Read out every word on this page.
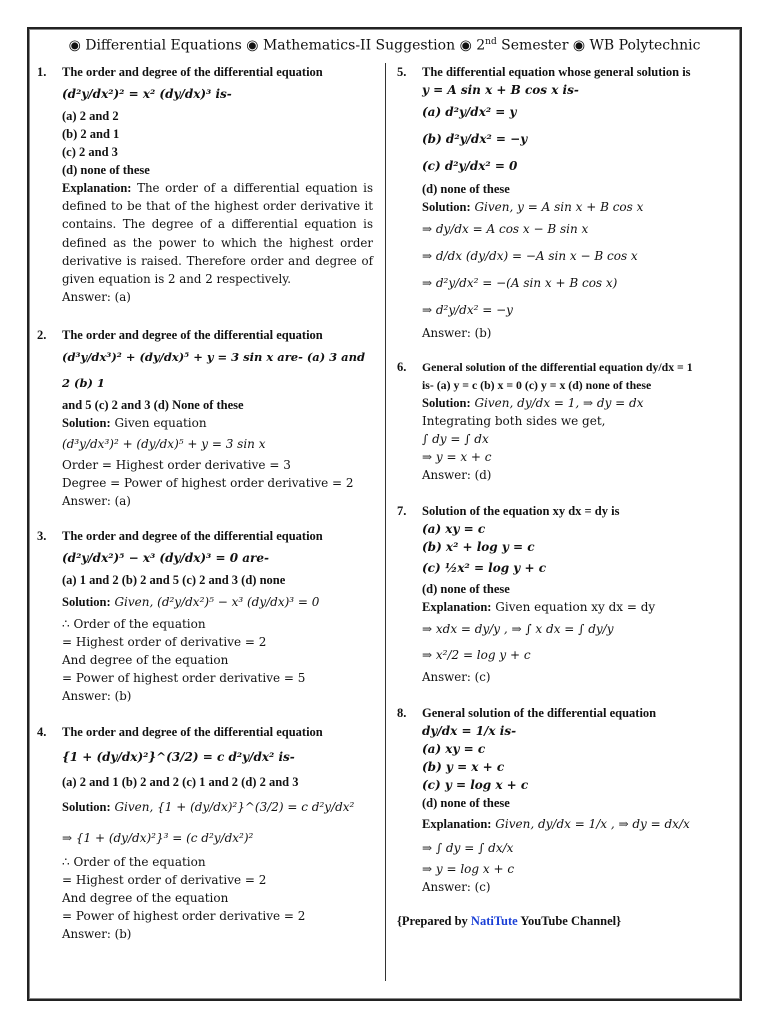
◉ Differential Equations ◉ Mathematics-II Suggestion ◉ 2nd Semester ◉ WB Polytechnic
1. The order and degree of the differential equation
(d²y/dx²)² = x² (dy/dx)³ is-
(a) 2 and 2
(b) 2 and 1
(c) 2 and 3
(d) none of these
Explanation: The order of a differential equation is defined to be that of the highest order derivative it contains. The degree of a differential equation is defined as the power to which the highest order derivative is raised. Therefore order and degree of given equation is 2 and 2 respectively.
Answer: (a)
2. The order and degree of the differential equation
(d³y/dx³)² + (dy/dx)⁵ + y = 3 sin x are- (a) 3 and 2 (b) 1
and 5 (c) 2 and 3 (d) None of these
Solution: Given equation
(d³y/dx³)² + (dy/dx)⁵ + y = 3 sin x
Order = Highest order derivative = 3
Degree = Power of highest order derivative = 2
Answer: (a)
3. The order and degree of the differential equation
(d²y/dx²)⁵ − x³ (dy/dx)³ = 0 are-
(a) 1 and 2 (b) 2 and 5 (c) 2 and 3 (d) none
Solution: Given, (d²y/dx²)⁵ − x³ (dy/dx)³ = 0
∴ Order of the equation
= Highest order of derivative = 2
And degree of the equation
= Power of highest order derivative = 5
Answer: (b)
4. The order and degree of the differential equation
{1 + (dy/dx)²}^(3/2) = c d²y/dx² is-
(a) 2 and 1 (b) 2 and 2 (c) 1 and 2 (d) 2 and 3
Solution: Given, {1 + (dy/dx)²}^(3/2) = c d²y/dx²
⇒ {1 + (dy/dx)²}³ = (c d²y/dx²)²
∴ Order of the equation
= Highest order of derivative = 2
And degree of the equation
= Power of highest order derivative = 2
Answer: (b)
5. The differential equation whose general solution is
y = A sin x + B cos x is-
(a) d²y/dx² = y
(b) d²y/dx² = −y
(c) d²y/dx² = 0
(d) none of these
Solution: Given, y = A sin x + B cos x
⇒ dy/dx = A cos x − B sin x
⇒ d/dx (dy/dx) = −A sin x − B cos x
⇒ d²y/dx² = −(A sin x + B cos x)
⇒ d²y/dx² = −y
Answer: (b)
6. General solution of the differential equation dy/dx = 1
is- (a) y = c (b) x = 0 (c) y = x (d) none of these
Solution: Given, dy/dx = 1, ⇒ dy = dx
Integrating both sides we get,
∫ dy = ∫ dx
⇒ y = x + c
Answer: (d)
7. Solution of the equation xy dx = dy is
(a) xy = c
(b) x² + log y = c
(c) ½x² = log y + c
(d) none of these
Explanation: Given equation xy dx = dy
⇒ xdx = dy/y , ⇒ ∫ x dx = ∫ dy/y
⇒ x²/2 = log y + c
Answer: (c)
8. General solution of the differential equation
dy/dx = 1/x is-
(a) xy = c
(b) y = x + c
(c) y = log x + c
(d) none of these
Explanation: Given, dy/dx = 1/x , ⇒ dy = dx/x
⇒ ∫ dy = ∫ dx/x
⇒ y = log x + c
Answer: (c)
{Prepared by NatiTute YouTube Channel}
